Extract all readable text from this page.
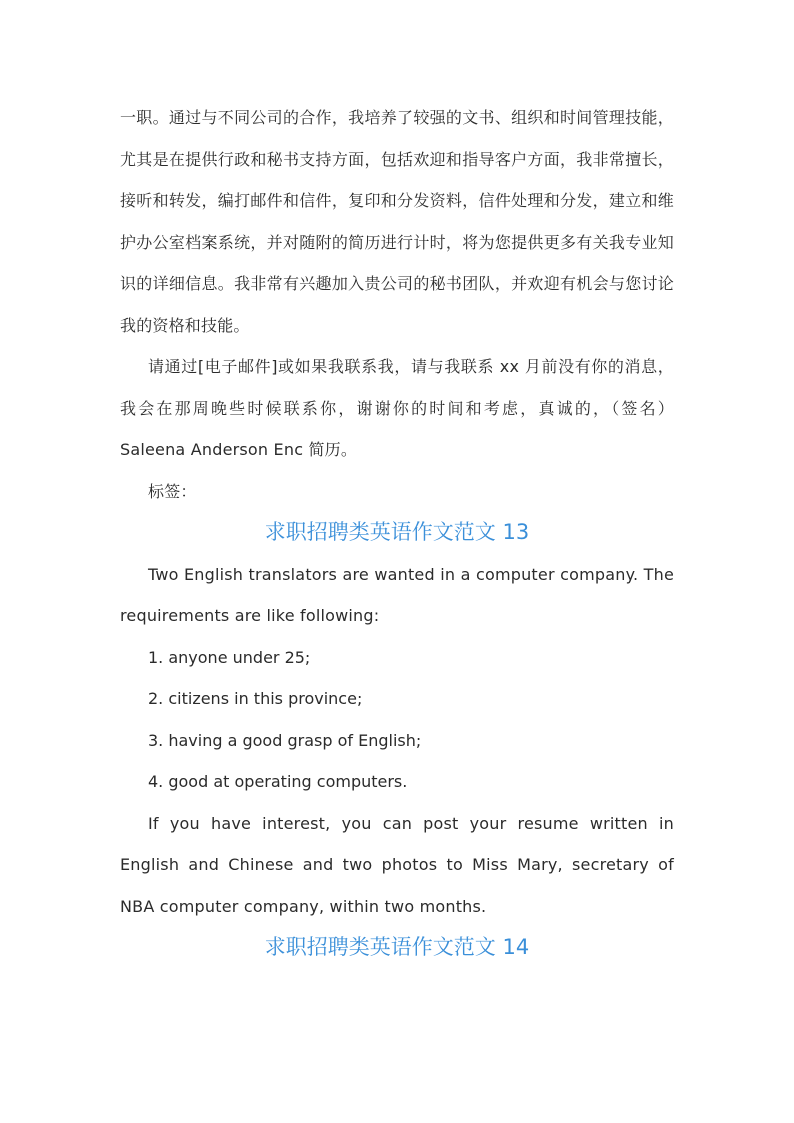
一职。通过与不同公司的合作，我培养了较强的文书、组织和时间管理技能，尤其是在提供行政和秘书支持方面，包括欢迎和指导客户方面，我非常擅长，接听和转发，编打邮件和信件，复印和分发资料，信件处理和分发，建立和维护办公室档案系统，并对随附的简历进行计时，将为您提供更多有关我专业知识的详细信息。我非常有兴趣加入贵公司的秘书团队，并欢迎有机会与您讨论我的资格和技能。

请通过[电子邮件]或如果我联系我，请与我联系 xx 月前没有你的消息，我会在那周晚些时候联系你，谢谢你的时间和考虑，真诚的，（签名）Saleena Anderson Enc 简历。

标签：

求职招聘类英语作文范文 13

Two English translators are wanted in a computer company. The requirements are like following:

1. anyone under 25;

2. citizens in this province;

3. having a good grasp of English;

4. good at operating computers.

If you have interest, you can post your resume written in English and Chinese and two photos to Miss Mary, secretary of NBA computer company, within two months.

求职招聘类英语作文范文 14
